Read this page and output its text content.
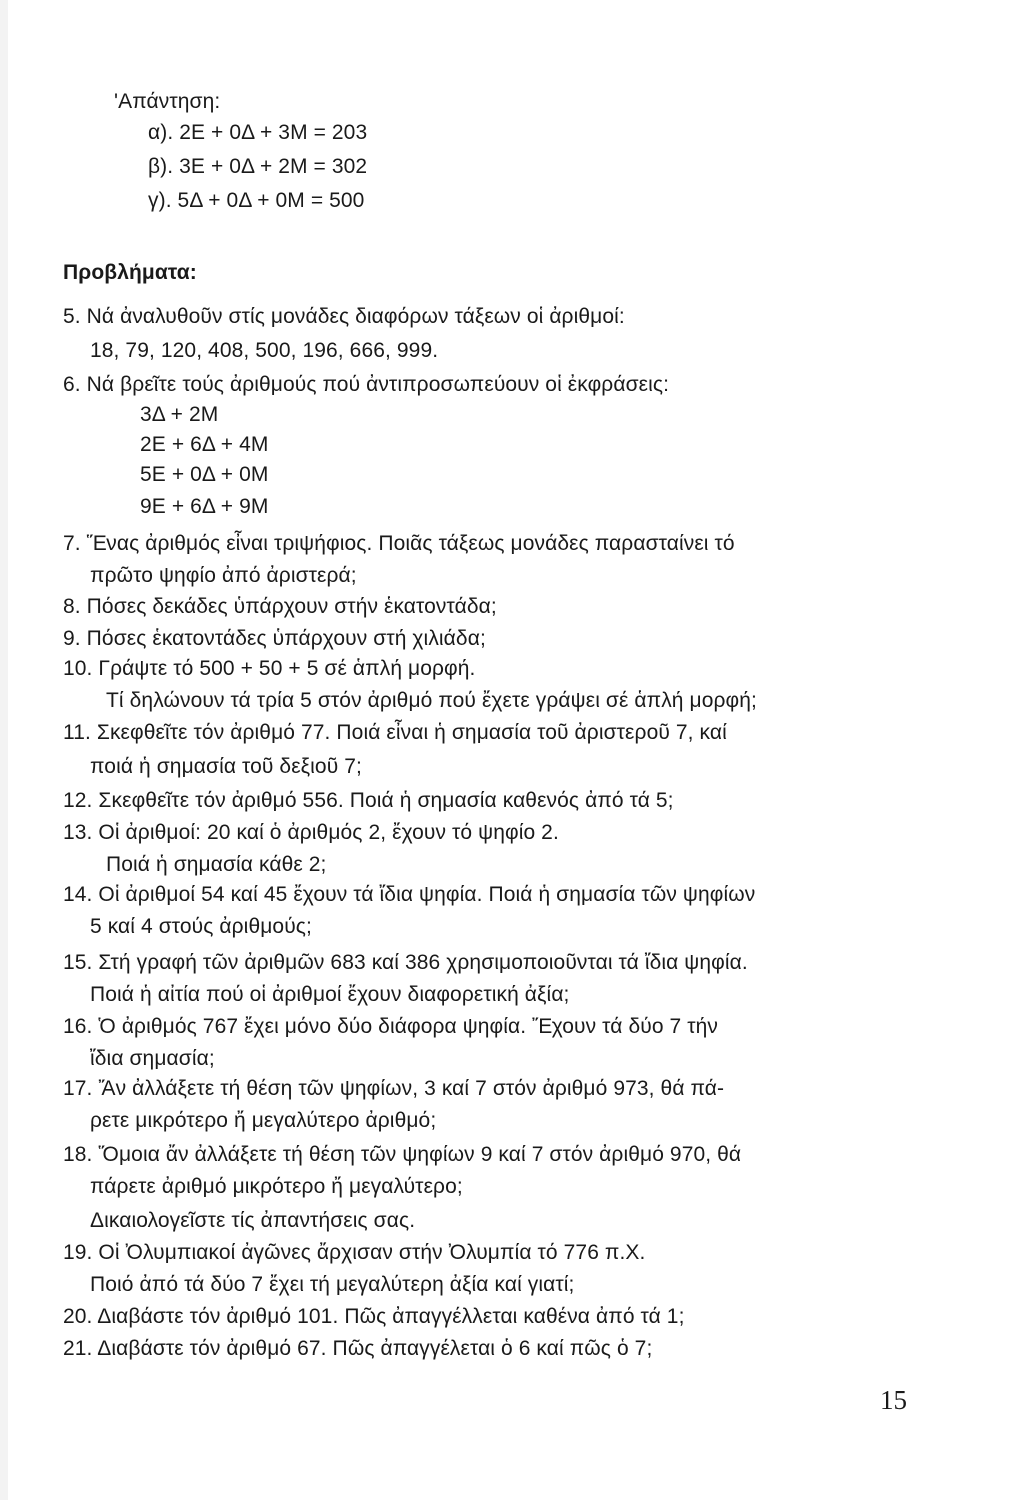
'Απάντηση:
α). 2Ε + 0Δ + 3Μ = 203
β). 3Ε + 0Δ + 2Μ = 302
γ). 5Δ + 0Δ + 0Μ = 500
Προβλήματα:
5. Νά ἀναλυθοῦν στίς μονάδες διαφόρων τάξεων οἱ ἀριθμοί:
18, 79, 120, 408, 500, 196, 666, 999.
6. Νά βρεῖτε τούς ἀριθμούς πού ἀντιπροσωπεύουν οἱ ἐκφράσεις:
3Δ + 2Μ
2Ε + 6Δ + 4Μ
5Ε + 0Δ + 0Μ
9Ε + 6Δ + 9Μ
7. Ἕνας ἀριθμός εἶναι τριψήφιος. Ποιᾶς τάξεως μονάδες παρασταίνει τό
πρῶτο ψηφίο ἀπό ἀριστερά;
8. Πόσες δεκάδες ὑπάρχουν στήν ἑκατοντάδα;
9. Πόσες ἑκατοντάδες ὑπάρχουν στή χιλιάδα;
10. Γράψτε τό 500 + 50 + 5 σέ ἁπλή μορφή.
Τί δηλώνουν τά τρία 5 στόν ἀριθμό πού ἔχετε γράψει σέ ἁπλή μορφή;
11. Σκεφθεῖτε τόν ἀριθμό 77. Ποιά εἶναι ἡ σημασία τοῦ ἀριστεροῦ 7, καί
ποιά ἡ σημασία τοῦ δεξιοῦ 7;
12. Σκεφθεῖτε τόν ἀριθμό 556. Ποιά ἡ σημασία καθενός ἀπό τά 5;
13. Οἱ ἀριθμοί: 20 καί ὁ ἀριθμός 2, ἔχουν τό ψηφίο 2.
Ποιά ἡ σημασία κάθε 2;
14. Οἱ ἀριθμοί 54 καί 45 ἔχουν τά ἴδια ψηφία. Ποιά ἡ σημασία τῶν ψηφίων
5 καί 4 στούς ἀριθμούς;
15. Στή γραφή τῶν ἀριθμῶν 683 καί 386 χρησιμοποιοῦνται τά ἴδια ψηφία.
Ποιά ἡ αἰτία πού οἱ ἀριθμοί ἔχουν διαφορετική ἀξία;
16. Ὁ ἀριθμός 767 ἔχει μόνο δύο διάφορα ψηφία. Ἔχουν τά δύο 7 τήν
ἴδια σημασία;
17. Ἄν ἀλλάξετε τή θέση τῶν ψηφίων, 3 καί 7 στόν ἀριθμό 973, θά πά-
ρετε μικρότερο ἤ μεγαλύτερο ἀριθμό;
18. Ὅμοια ἄν ἀλλάξετε τή θέση τῶν ψηφίων 9 καί 7 στόν ἀριθμό 970, θά
πάρετε ἀριθμό μικρότερο ἤ μεγαλύτερο;
Δικαιολογεῖστε τίς ἀπαντήσεις σας.
19. Οἱ Ὀλυμπιακοί ἀγῶνες ἄρχισαν στήν Ὀλυμπία τό 776 π.Χ.
Ποιό ἀπό τά δύο 7 ἔχει τή μεγαλύτερη ἀξία καί γιατί;
20. Διαβάστε τόν ἀριθμό 101. Πῶς ἀπαγγέλλεται καθένα ἀπό τά 1;
21. Διαβάστε τόν ἀριθμό 67. Πῶς ἀπαγγέλεται ὁ 6 καί πῶς ὁ 7;
15
